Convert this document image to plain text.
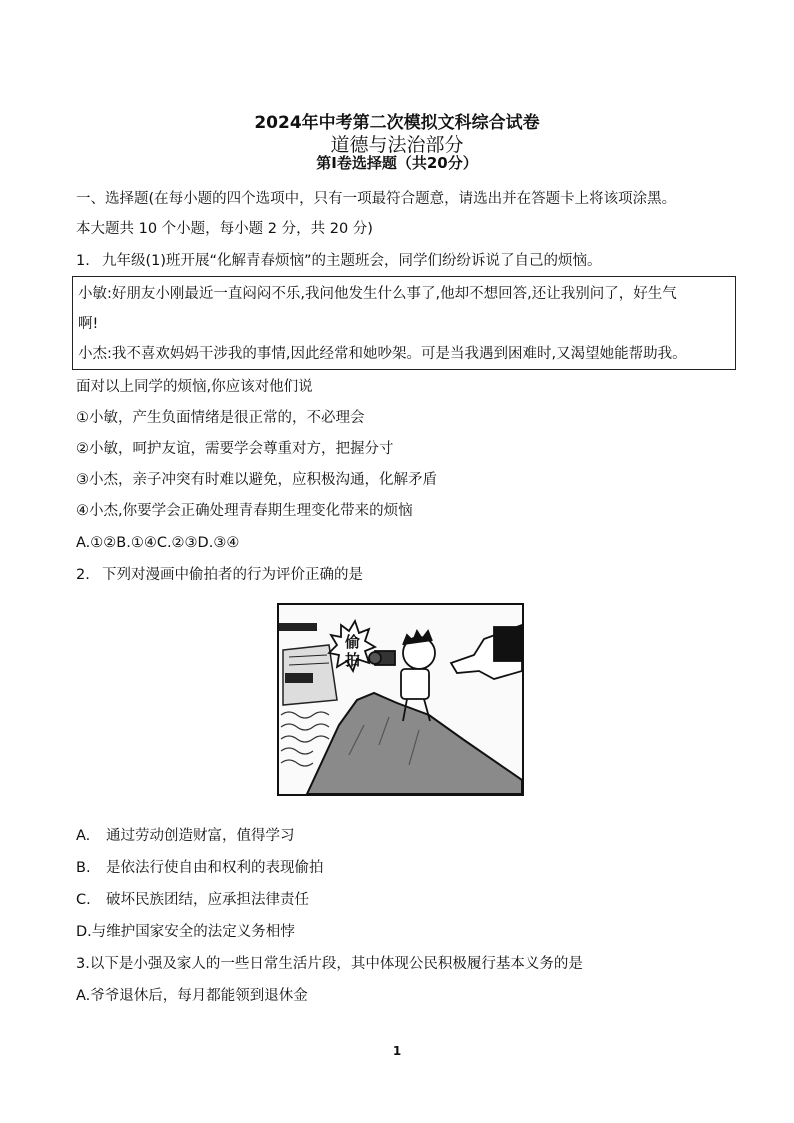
2024年中考第二次模拟文科综合试卷
道德与法治部分
第Ⅰ卷选择题（共20分）
一、选择题(在每小题的四个选项中，只有一项最符合题意，请选出并在答题卡上将该项涂黑。
本大题共 10 个小题，每小题 2 分，共 20 分)
1. 九年级(1)班开展“化解青春烦恼”的主题班会，同学们纷纷诉说了自己的烦恼。
小敏:好朋友小刚最近一直闷闷不乐,我问他发生什么事了,他却不想回答,还让我别问了，好生气
啊!
小杰:我不喜欢妈妈干涉我的事情,因此经常和她吵架。可是当我遇到困难时,又渴望她能帮助我。
面对以上同学的烦恼,你应该对他们说
①小敏，产生负面情绪是很正常的，不必理会
②小敏，呵护友谊，需要学会尊重对方，把握分寸
③小杰，亲子冲突有时难以避免，应积极沟通，化解矛盾
④小杰,你要学会正确处理青春期生理变化带来的烦恼
A.①②B.①④C.②③D.③④
2. 下列对漫画中偷拍者的行为评价正确的是
偷
拍
A. 通过劳动创造财富，值得学习
B. 是依法行使自由和权利的表现偷拍
C. 破坏民族团结，应承担法律责任
D.与维护国家安全的法定义务相悖
3.以下是小强及家人的一些日常生活片段，其中体现公民积极履行基本义务的是
A.爷爷退休后，每月都能领到退休金
1
